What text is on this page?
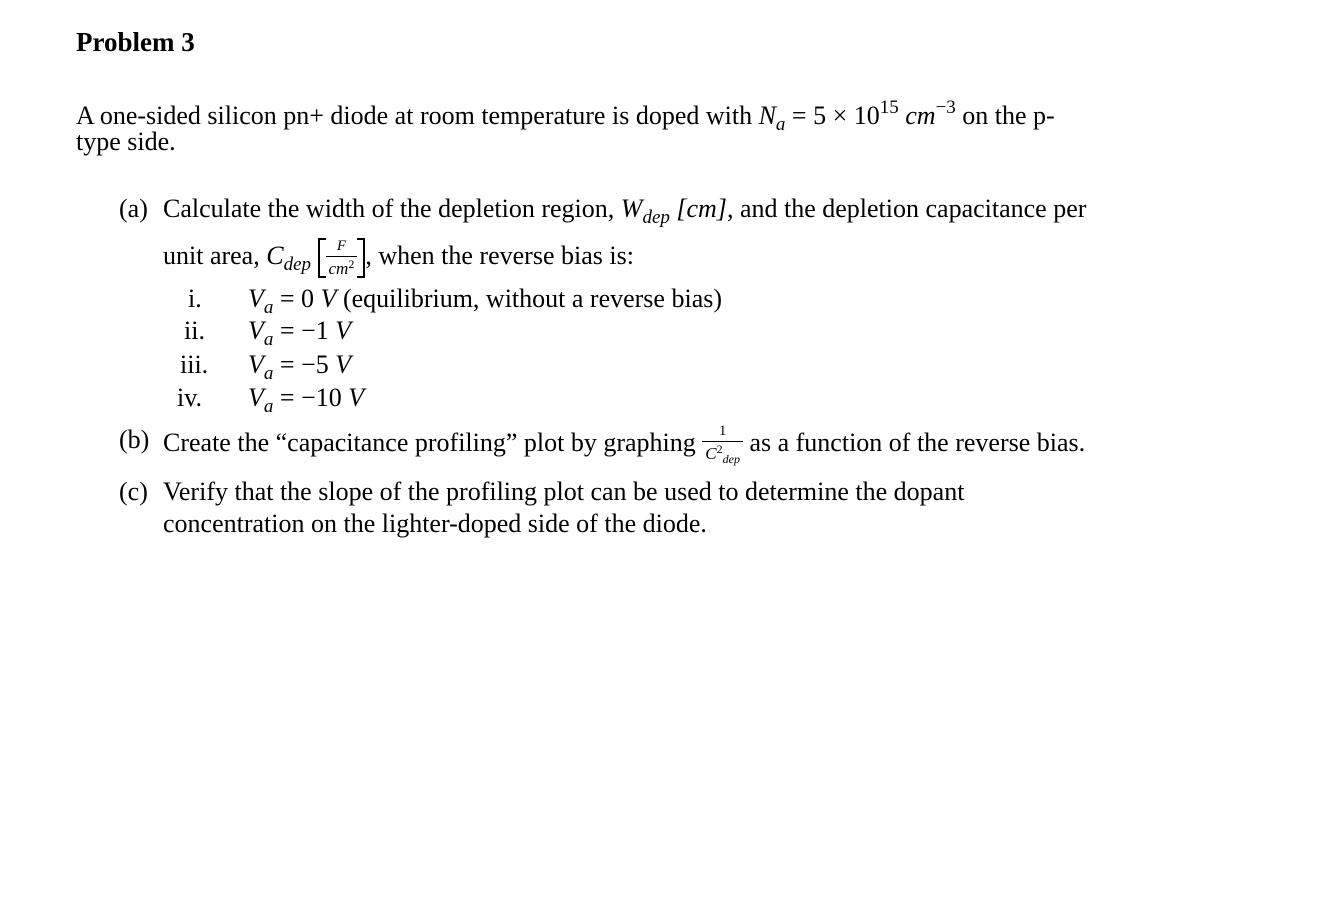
Problem 3
A one-sided silicon pn+ diode at room temperature is doped with $N_a = 5 \times 10^{15}$ $cm^{-3}$ on the p-
type side.
(a) Calculate the width of the depletion region, $W_{dep}$ [cm], and the depletion capacitance per
unit area, $C_{dep} \frac{F}{cm^2}$ , when the reverse bias is:
i. $V_a = 0$ V (equilibrium, without a reverse bias)
ii. $V_a = -1$ V
iii. $V_a = -5$ V
iv. $V_a = -10$ V
(b) Create the “capacitance profiling” plot by graphing $\frac{1}{C^2_{dep}}$ as a function of the reverse bias.
(c) Verify that the slope of the profiling plot can be used to determine the dopant
concentration on the lighter-doped side of the diode.
